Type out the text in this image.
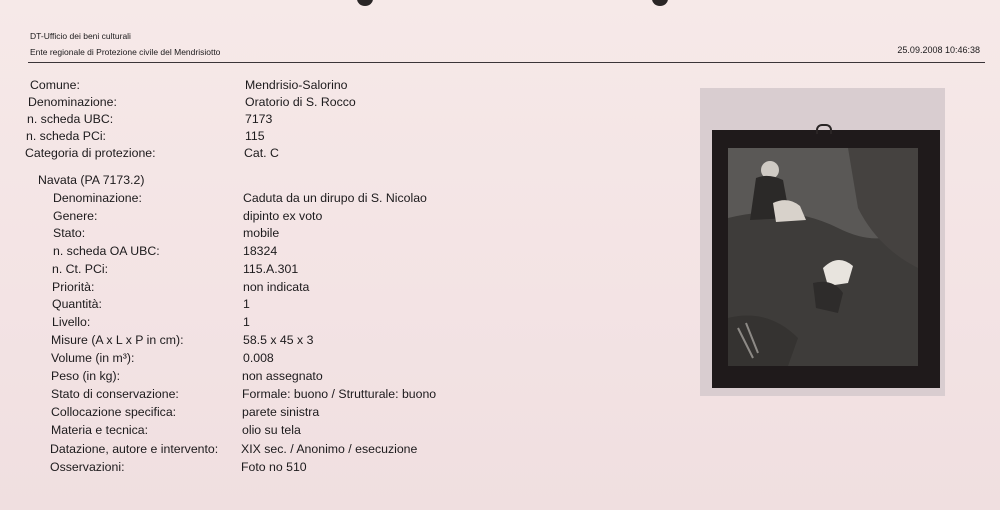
DT-Ufficio dei beni culturali
Ente regionale di Protezione civile del Mendrisiotto	25.09.2008 10:46:38
Comune:	Mendrisio-Salorino
Denominazione:	Oratorio di S. Rocco
n. scheda UBC:	7173
n. scheda PCi:	115
Categoria di protezione:	Cat. C
Navata (PA 7173.2)
Denominazione:	Caduta da un dirupo di S. Nicolao
Genere:	dipinto ex voto
Stato:	mobile
n. scheda OA UBC:	18324
n. Ct. PCi:	115.A.301
Priorità:	non indicata
Quantità:	1
Livello:	1
Misure (A x L x P in cm):	58.5 x 45 x 3
Volume (in m³):	0.008
Peso (in kg):	non assegnato
Stato di conservazione:	Formale: buono / Strutturale: buono
Collocazione specifica:	parete sinistra
Materia e tecnica:	olio su tela
Datazione, autore e intervento: XIX sec. / Anonimo / esecuzione
Osservazioni:	Foto no 510
